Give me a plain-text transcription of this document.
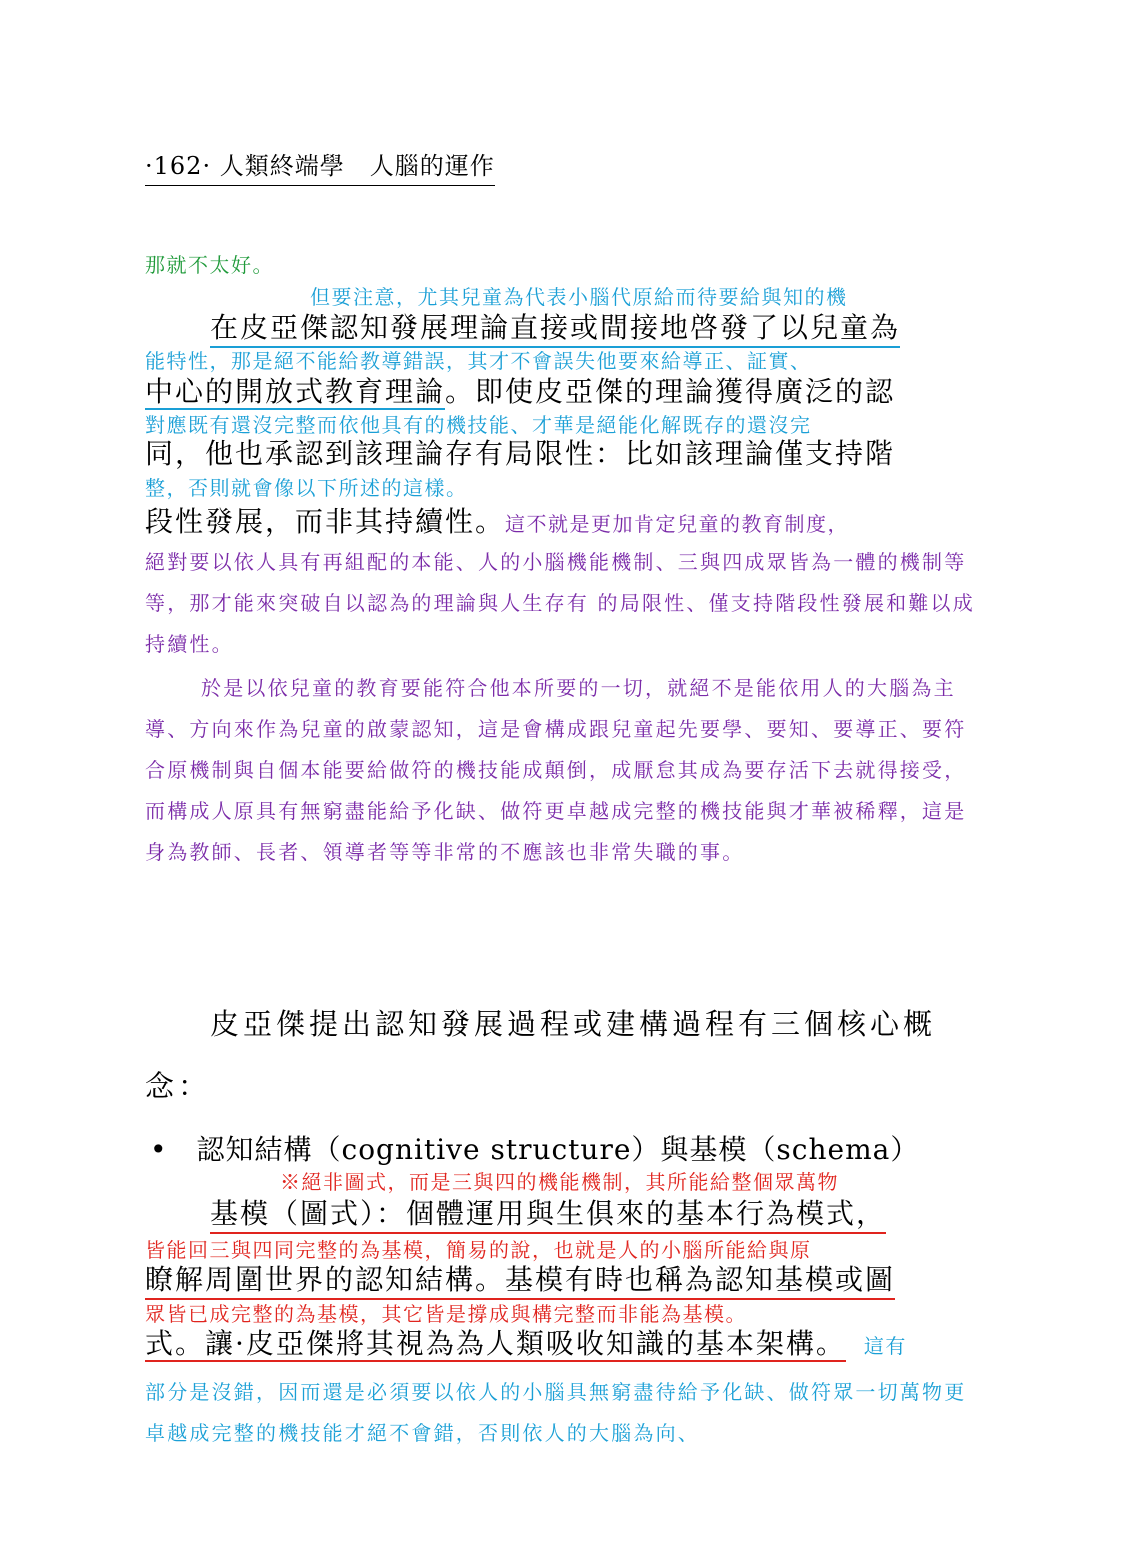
·162· 人類終端學　人腦的運作
那就不太好。
但要注意，尤其兒童為代表小腦代原給而待要給與知的機
在皮亞傑認知發展理論直接或間接地啓發了以兒童為
能特性，那是絕不能給教導錯誤，其才不會誤失他要來給導正、証實、
中心的開放式教育理論。即使皮亞傑的理論獲得廣泛的認
對應既有還沒完整而依他具有的機技能、才華是絕能化解既存的還沒完
同，他也承認到該理論存有局限性：比如該理論僅支持階
整，否則就會像以下所述的這樣。
段性發展，而非其持續性。這不就是更加肯定兒童的教育制度，
絕對要以依人具有再組配的本能、人的小腦機能機制、三與四成眾皆為一體的機制等等，那才能來突破自以認為的理論與人生存有 的局限性、僅支持階段性發展和難以成持續性。
於是以依兒童的教育要能符合他本所要的一切，就絕不是能依用人的大腦為主導、方向來作為兒童的啟蒙認知，這是會構成跟兒童起先要學、要知、要導正、要符合原機制與自個本能要給做符的機技能成顛倒，成厭怠其成為要存活下去就得接受，而構成人原具有無窮盡能給予化缺、做符更卓越成完整的機技能與才華被稀釋，這是身為教師、長者、領導者等等非常的不應該也非常失職的事。
皮亞傑提出認知發展過程或建構過程有三個核心概
念：
•　認知結構（cognitive structure）與基模（schema）
※絕非圖式，而是三與四的機能機制，其所能給整個眾萬物
基模（圖式）：個體運用與生俱來的基本行為模式，
皆能回三與四同完整的為基模，簡易的說，也就是人的小腦所能給與原
瞭解周圍世界的認知結構。基模有時也稱為認知基模或圖
眾皆已成完整的為基模，其它皆是撐成與構完整而非能為基模。
式。讓·皮亞傑將其視為為人類吸收知識的基本架構。 這有
部分是沒錯，因而還是必須要以依人的小腦具無窮盡待給予化缺、做符眾一切萬物更卓越成完整的機技能才絕不會錯，否則依人的大腦為向、
